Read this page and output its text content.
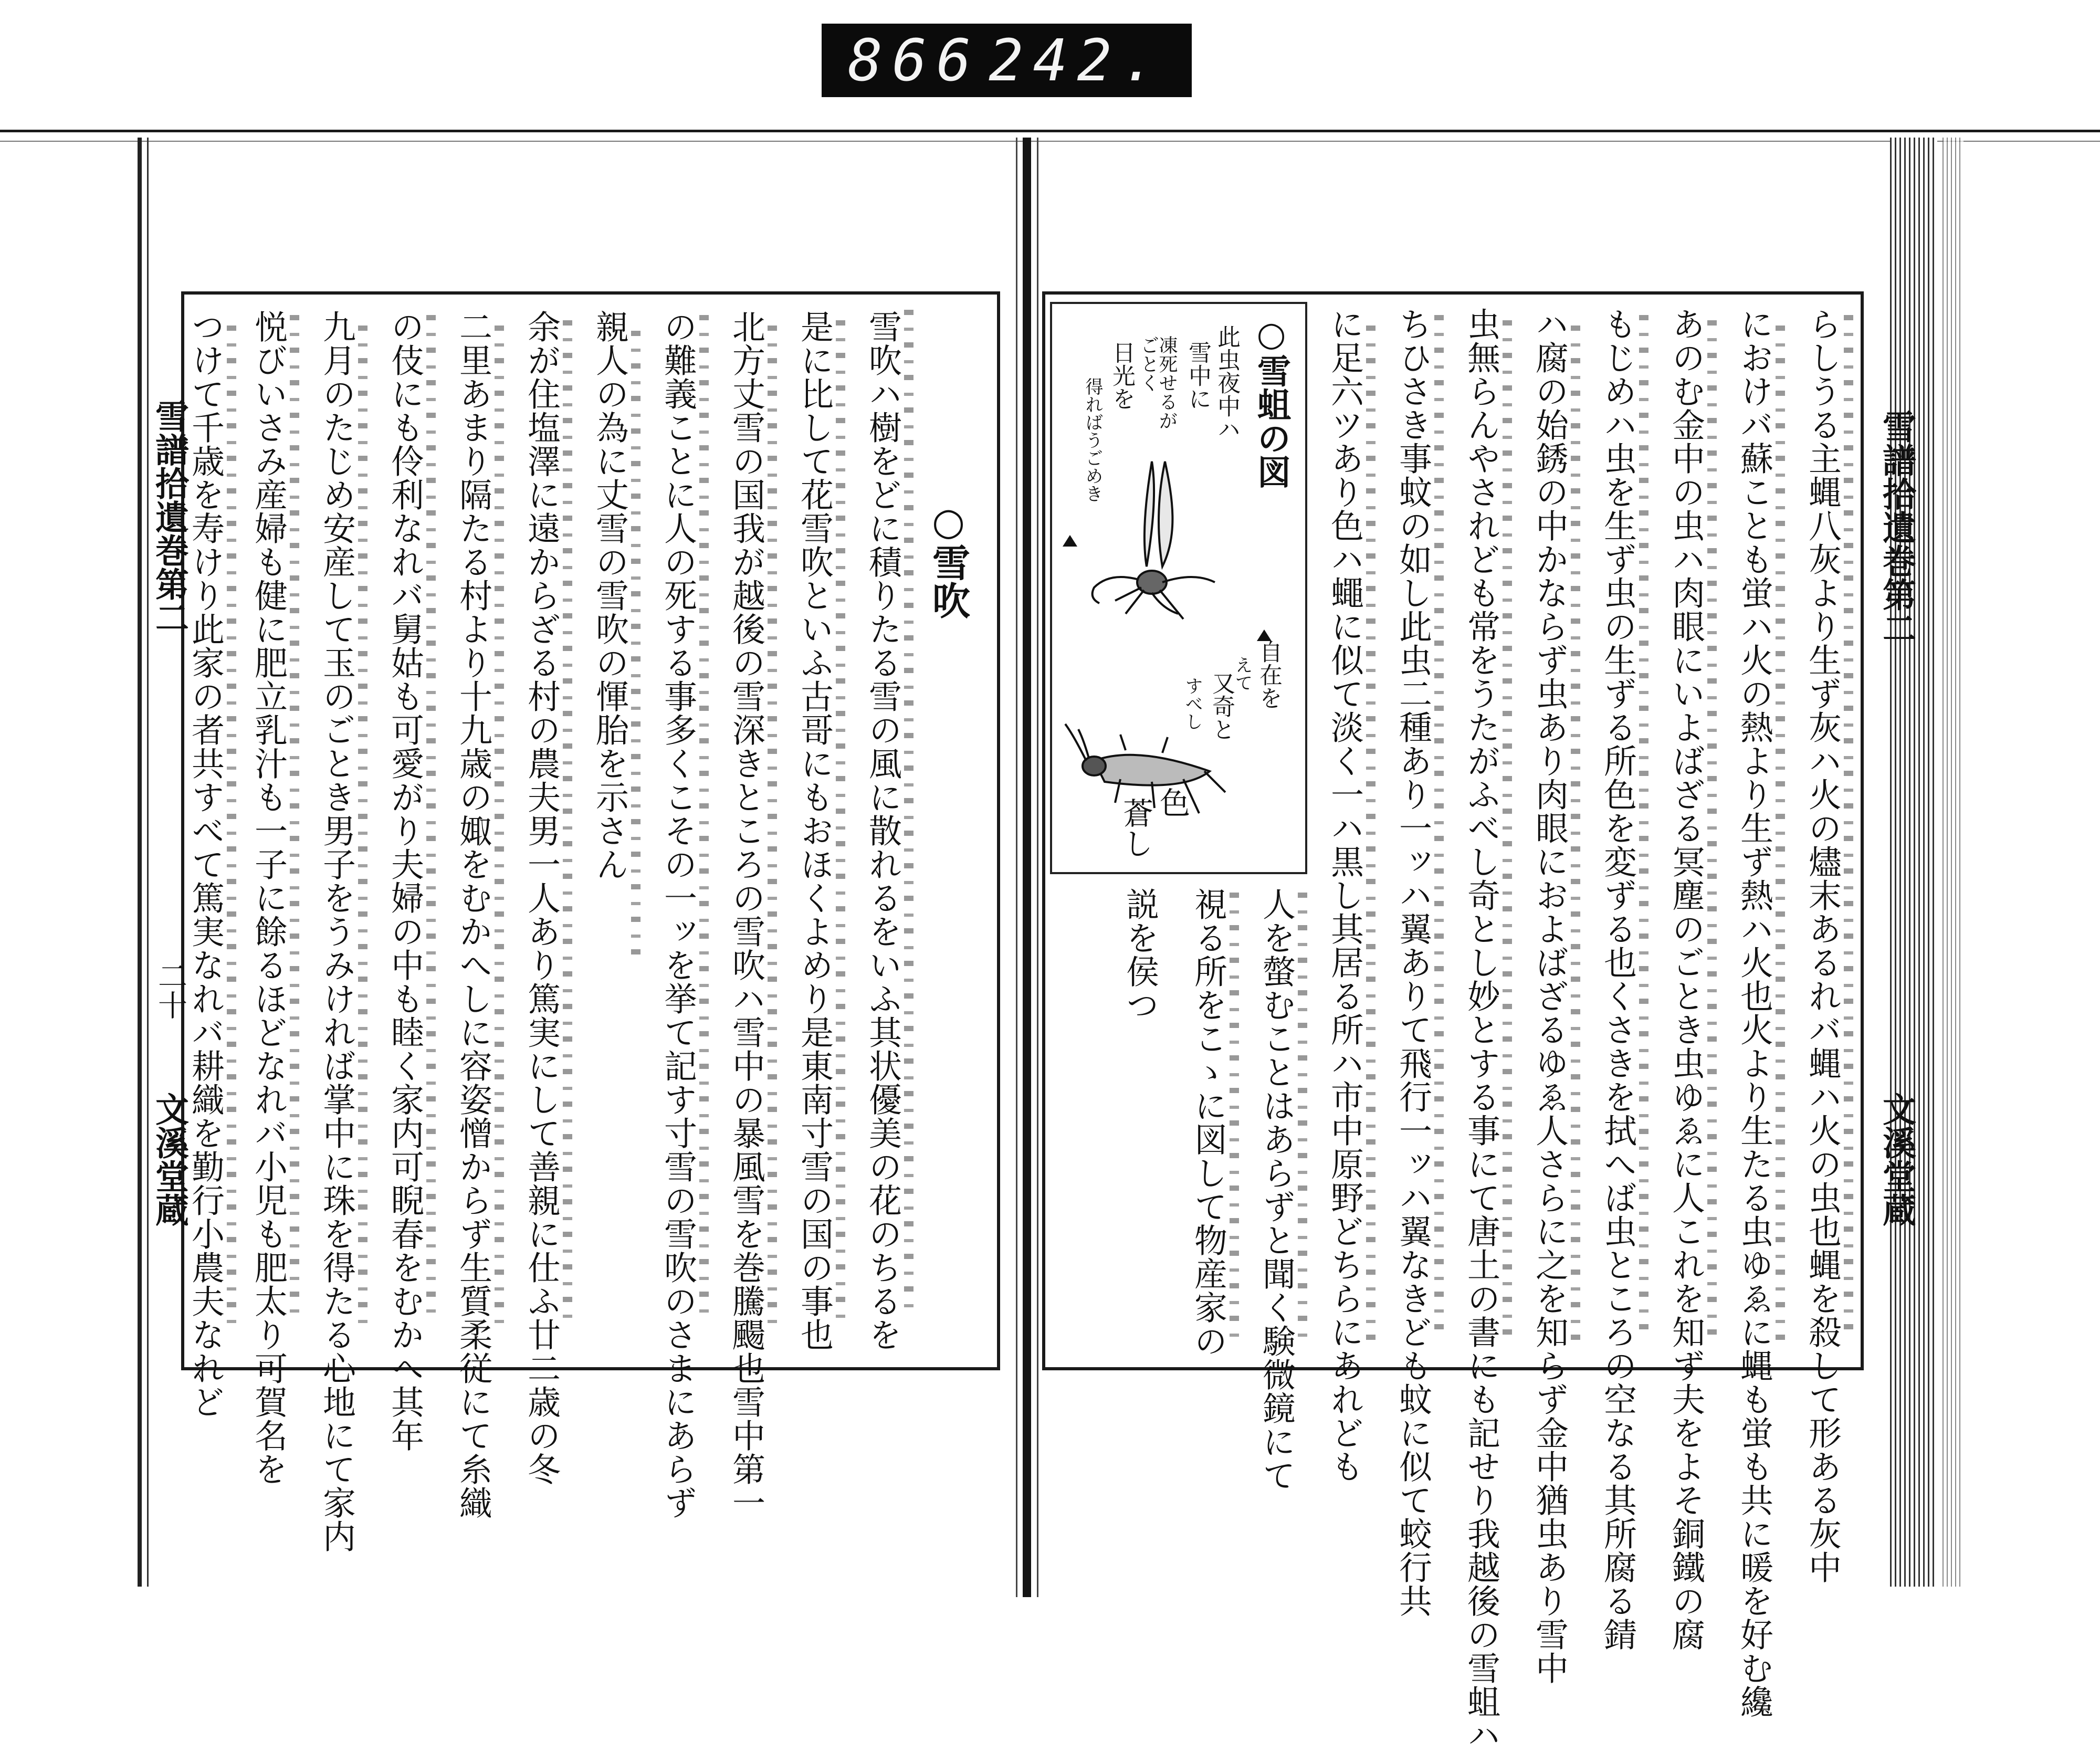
866 242.
雪譜拾遺巻第二
二十
文溪堂蔵
○雪吹
雪吹ハ樹をどに積りたる雪の風に散れるをいふ其状優美の花のちるを
是に比して花雪吹といふ古哥にもおほくよめり是東南寸雪の国の事也
北方丈雪の国我が越後の雪深きところの雪吹ハ雪中の暴風雪を巻騰颺也雪中第一
の難義ことに人の死する事多くこその一ッを挙て記す寸雪の雪吹のさまにあらず
親人の為に丈雪の雪吹の惲胎を示さん
余が住塩澤に遠からざる村の農夫男一人あり篤実にして善親に仕ふ廿二歳の冬
二里あまり隔たる村より十九歳の娵をむかへしに容姿憎からず生質柔従にて糸織
の伎にも伶利なれバ舅姑も可愛がり夫婦の中も睦く家内可睨春をむかへ其年
九月のたじめ安産して玉のごとき男子をうみければ掌中に珠を得たる心地にて家内
悦びいさみ産婦も健に肥立乳汁も一子に餘るほどなれバ小児も肥太り可賀名を
つけて千歳を寿けり此家の者共すべて篤実なれバ耕織を勤行小農夫なれど	雪譜拾遺巻第二
文溪堂蔵
らしうる主蝿八灰より生ず灰ハ火の燼末あるれバ蝿ハ火の虫也蝿を殺して形ある灰中
におけバ蘇ことも蛍ハ火の熱より生ず熱ハ火也火より生たる虫ゆゑに蝿も蛍も共に暖を好む纔
あのむ金中の虫ハ肉眼にいよばざる冥塵のごとき虫ゆゑに人これを知ず夫をよそ銅鐵の腐
もじめハ虫を生ず虫の生ずる所色を変ずる也くさきを拭へば虫ところの空なる其所腐る錆
ハ腐の始銹の中かならず虫あり肉眼におよばざるゆゑ人さらに之を知らず金中猶虫あり雪中
虫無らんやされども常をうたがふべし奇とし妙とする事にて唐土の書にも記せり我越後の雪蛆ハ
ちひさき事蚊の如し此虫二種あり一ッハ翼ありて飛行一ッハ翼なきども蚊に似て蛟行共
に足六ツあり色ハ蠅に似て淡く一ハ黒し其居る所ハ市中原野どちらにあれども
人を螫むことはあらずと聞く験微鏡にて
視る所をこゝに図して物産家の
説を侯つ
○雪蛆の図
此虫夜中ハ
雪中に
凍死せるが
ごとく
日光を
得ればうごめき
自在を
えて
又奇と
すべし
色
蒼し
